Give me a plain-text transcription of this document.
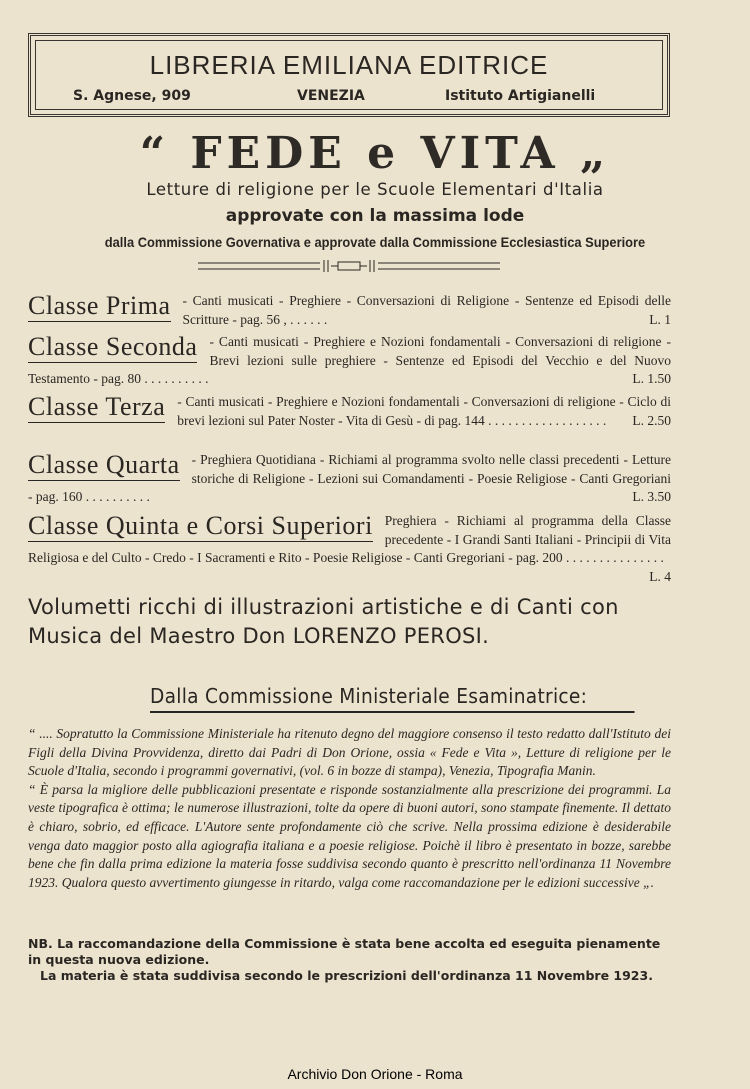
LIBRERIA EMILIANA EDITRICE
S. Agnese, 909	VENEZIA	Istituto Artigianelli
“ FEDE e VITA „
Letture di religione per le Scuole Elementari d'Italia
approvate con la massima lode
dalla Commissione Governativa e approvate dalla Commissione Ecclesiastica Superiore
Classe Prima - Canti musicati - Preghiere - Conversazioni di Religione - Sentenze ed Episodi delle Scritture - pag. 56 , . . . . . .	L. 1
Classe Seconda - Canti musicati - Preghiere e Nozioni fondamentali - Conversazioni di religione - Brevi lezioni sulle preghiere - Sentenze ed Episodi del Vecchio e del Nuovo Testamento - pag. 80 . . . . . . . . . .	L. 1.50
Classe Terza - Canti musicati - Preghiere e Nozioni fondamentali - Conversazioni di religione - Ciclo di brevi lezioni sul Pater Noster - Vita di Gesù - di pag. 144 . . . . . . . . . . . . . . . . . . L. 2.50
Classe Quarta - Preghiera Quotidiana - Richiami al programma svolto nelle classi precedenti - Letture storiche di Religione - Lezioni sui Comandamenti - Poesie Religiose - Canti Gregoriani - pag. 160 . . . . . . . . . .	L. 3.50
Classe Quinta e Corsi Superiori Preghiera - Richiami al programma della Classe precedente - I Grandi Santi Italiani - Principii di Vita Religiosa e del Culto - Credo - I Sacramenti e Rito - Poesie Religiose - Canti Gregoriani - pag. 200 . . . . . . . . . . . . . . .
L. 4
Volumetti ricchi di illustrazioni artistiche e di Canti con Musica del Maestro Don LORENZO PEROSI.
Dalla Commissione Ministeriale Esaminatrice:

“ .... Sopratutto la Commissione Ministeriale ha ritenuto degno del maggiore consenso il testo redatto dall'Istituto dei Figli della Divina Provvidenza, diretto dai Padri di Don Orione, ossia « Fede e Vita », Letture di religione per le Scuole d'Italia, secondo i programmi governativi, (vol. 6 in bozze di stampa), Venezia, Tipografia Manin.

“ È parsa la migliore delle pubblicazioni presentate e risponde sostanzialmente alla prescrizione dei programmi. La veste tipografica è ottima; le numerose illustrazioni, tolte da opere di buoni autori, sono stampate finemente. Il dettato è chiaro, sobrio, ed efficace. L'Autore sente profondamente ciò che scrive. Nella prossima edizione è desiderabile venga dato maggior posto alla agiografia italiana e a poesie religiose. Poichè il libro è presentato in bozze, sarebbe bene che fin dalla prima edizione la materia fosse suddivisa secondo quanto è prescritto nell'ordinanza 11 Novembre 1923. Qualora questo avvertimento giungesse in ritardo, valga come raccomandazione per le edizioni successive „.

NB. La raccomandazione della Commissione è stata bene accolta ed eseguita pienamente in questa nuova edizione.

La materia è stata suddivisa secondo le prescrizioni dell'ordinanza 11 Novembre 1923.

Archivio Don Orione - Roma
